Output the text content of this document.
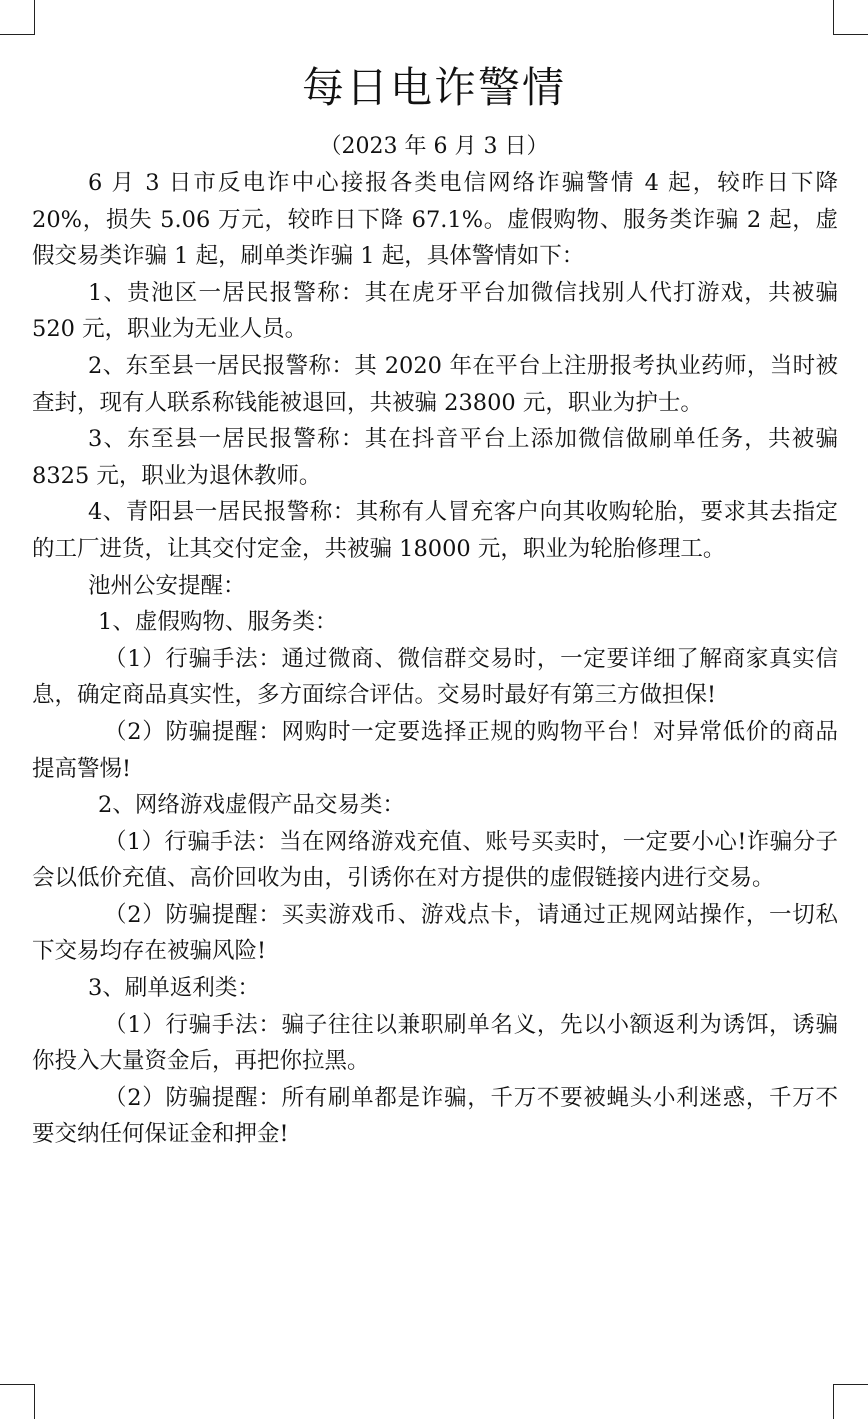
每日电诈警情
（2023 年 6 月 3 日）

6 月 3 日市反电诈中心接报各类电信网络诈骗警情 4 起，较昨日下降 20%，损失 5.06 万元，较昨日下降 67.1%。虚假购物、服务类诈骗 2 起，虚假交易类诈骗 1 起，刷单类诈骗 1 起，具体警情如下：

1、贵池区一居民报警称：其在虎牙平台加微信找别人代打游戏，共被骗 520 元，职业为无业人员。

2、东至县一居民报警称：其 2020 年在平台上注册报考执业药师，当时被查封，现有人联系称钱能被退回，共被骗 23800 元，职业为护士。

3、东至县一居民报警称：其在抖音平台上添加微信做刷单任务，共被骗 8325 元，职业为退休教师。

4、青阳县一居民报警称：其称有人冒充客户向其收购轮胎，要求其去指定的工厂进货，让其交付定金，共被骗 18000 元，职业为轮胎修理工。

池州公安提醒：

1、虚假购物、服务类：

（1）行骗手法：通过微商、微信群交易时，一定要详细了解商家真实信息，确定商品真实性，多方面综合评估。交易时最好有第三方做担保!

（2）防骗提醒：网购时一定要选择正规的购物平台！对异常低价的商品提高警惕!

2、网络游戏虚假产品交易类：

（1）行骗手法：当在网络游戏充值、账号买卖时，一定要小心!诈骗分子会以低价充值、高价回收为由，引诱你在对方提供的虚假链接内进行交易。

（2）防骗提醒：买卖游戏币、游戏点卡，请通过正规网站操作，一切私下交易均存在被骗风险!

3、刷单返利类：

（1）行骗手法：骗子往往以兼职刷单名义，先以小额返利为诱饵，诱骗你投入大量资金后，再把你拉黑。

（2）防骗提醒：所有刷单都是诈骗，千万不要被蝇头小利迷惑，千万不要交纳任何保证金和押金!
